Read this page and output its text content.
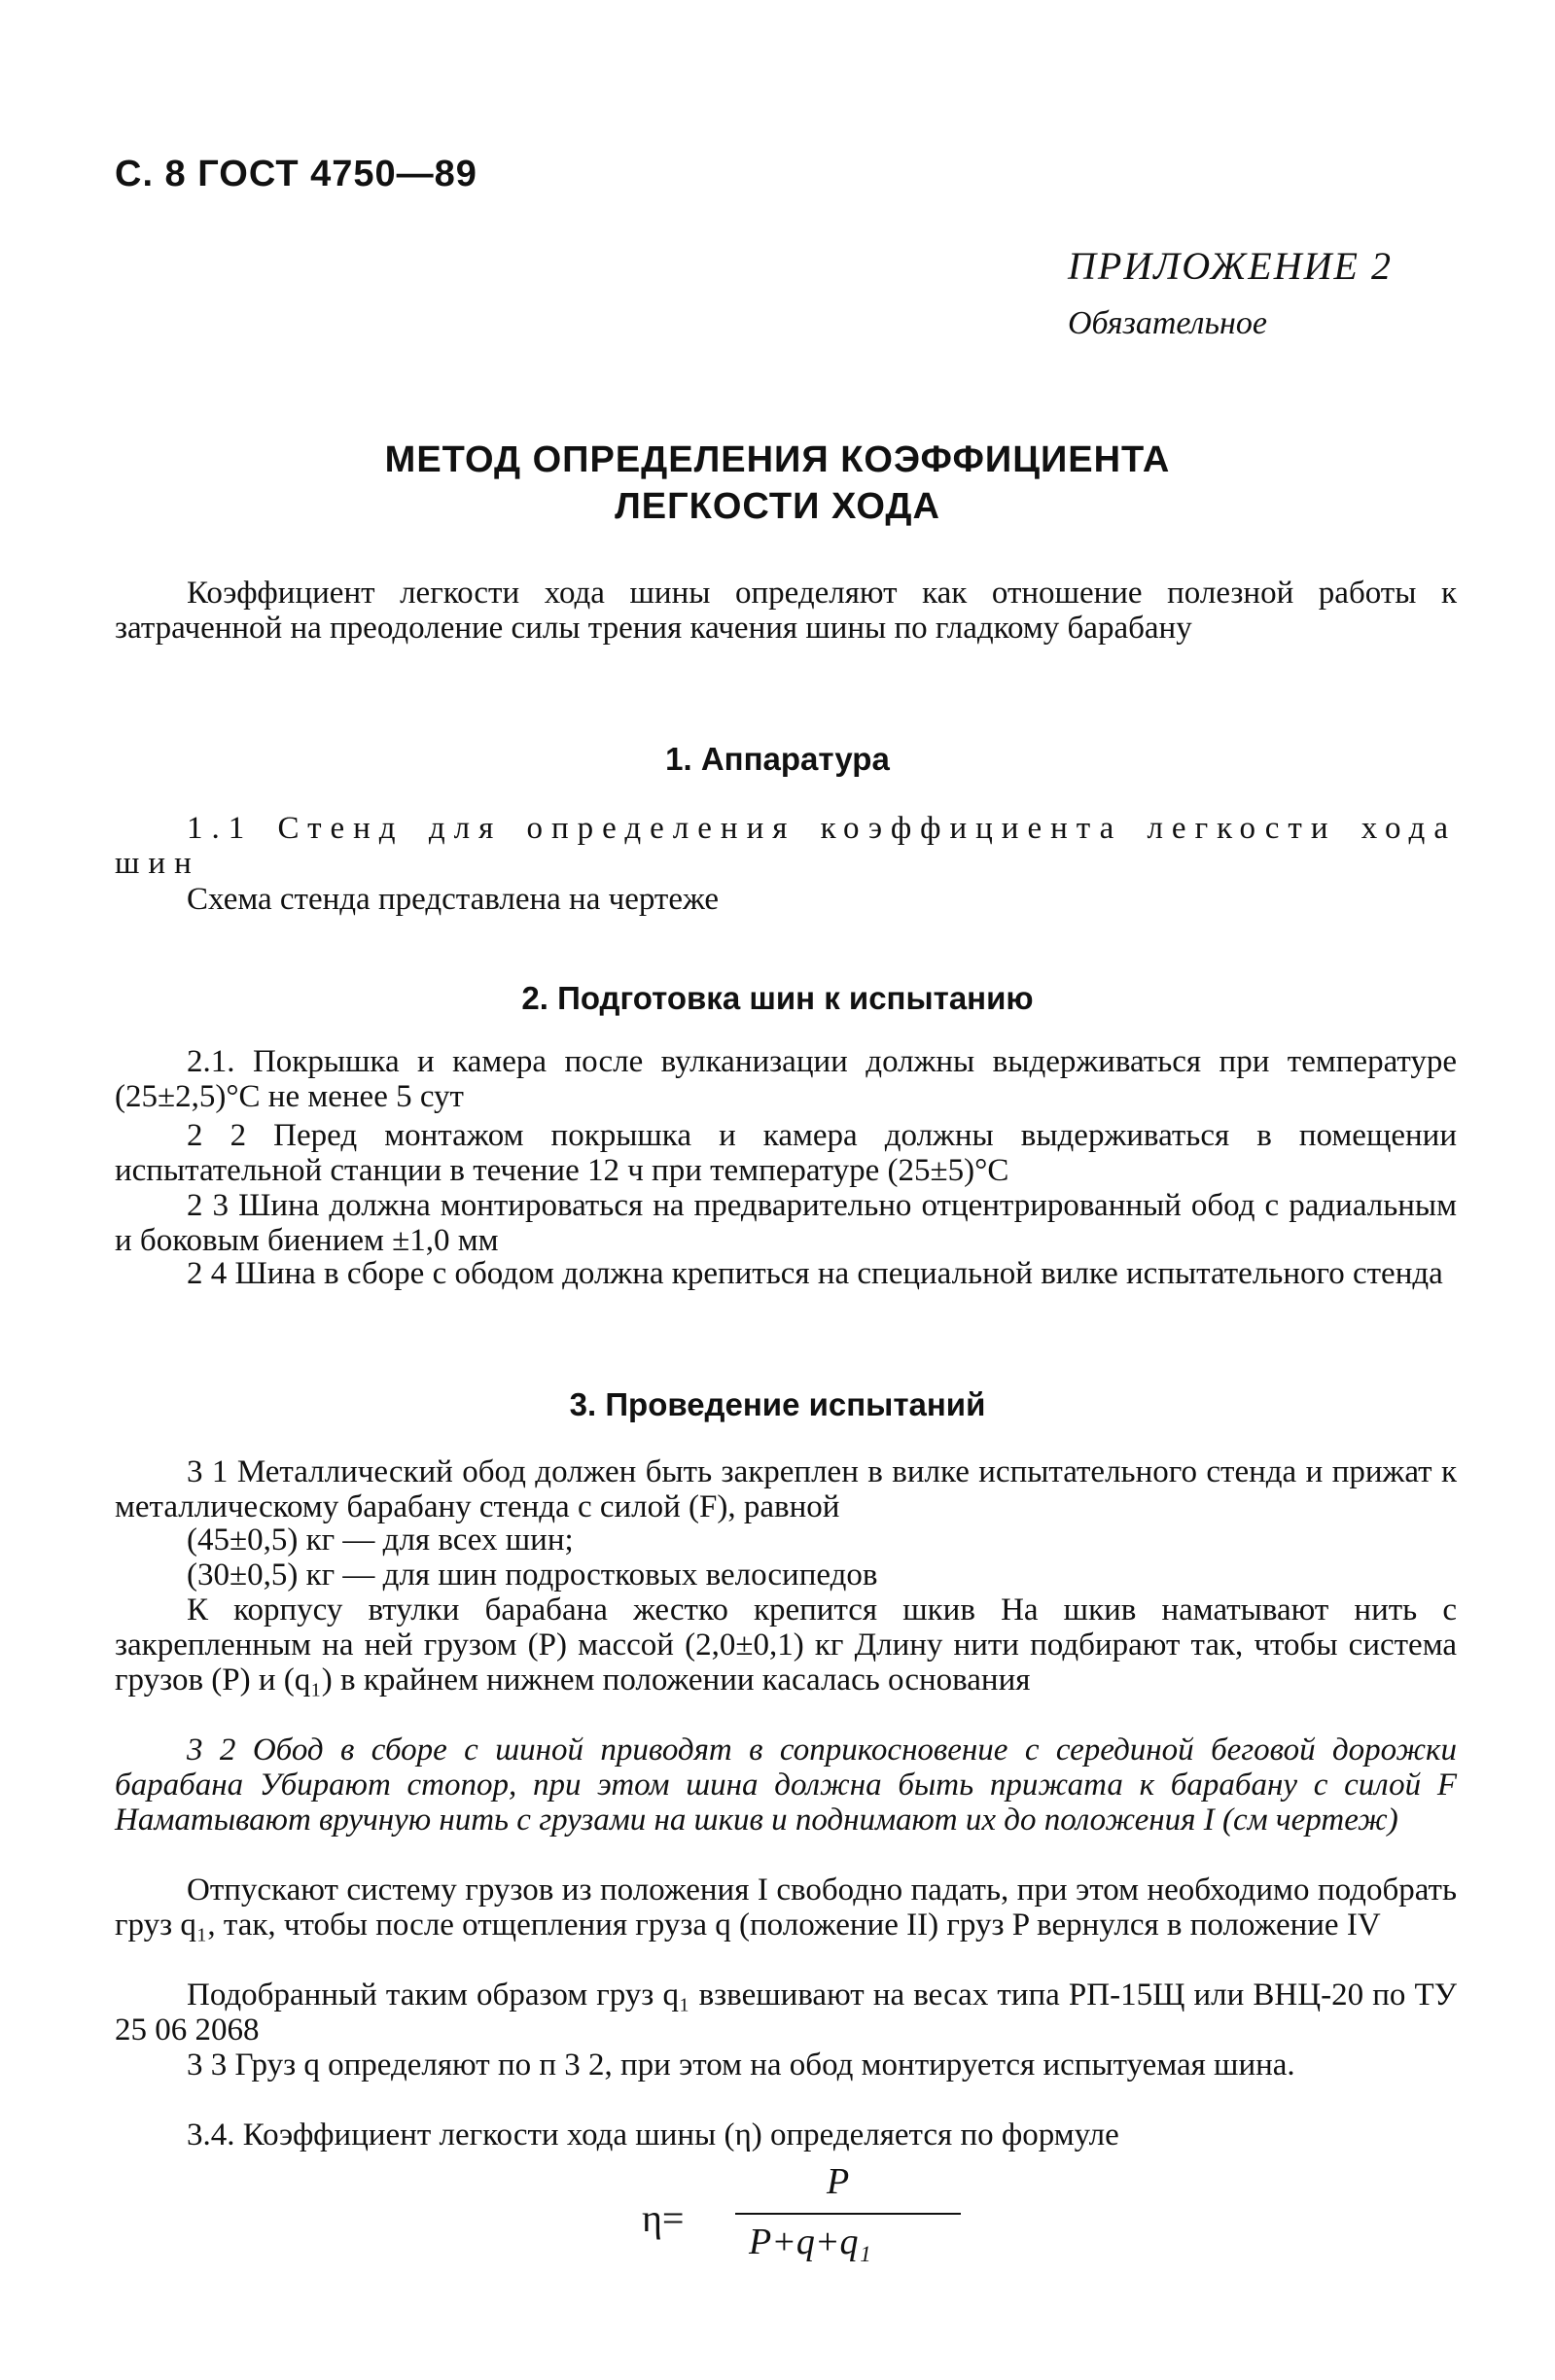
С. 8 ГОСТ 4750—89
ПРИЛОЖЕНИЕ 2
Обязательное
МЕТОД ОПРЕДЕЛЕНИЯ КОЭФФИЦИЕНТА
ЛЕГКОСТИ ХОДА
Коэффициент легкости хода шины определяют как отношение полезной работы к затраченной на преодоление силы трения качения шины по гладкому барабану
1. Аппаратура
1.1 Стенд для определения коэффициента легкости хода шин
Схема стенда представлена на чертеже
2. Подготовка шин к испытанию
2.1. Покрышка и камера после вулканизации должны выдерживаться при температуре (25±2,5)°С не менее 5 сут
2 2 Перед монтажом покрышка и камера должны выдерживаться в помещении испытательной станции в течение 12 ч при температуре (25±5)°С
2 3 Шина должна монтироваться на предварительно отцентрированный обод с радиальным и боковым биением ±1,0 мм
2 4 Шина в сборе с ободом должна крепиться на специальной вилке испытательного стенда
3. Проведение испытаний
3 1 Металлический обод должен быть закреплен в вилке испытательного стенда и прижат к металлическому барабану стенда с силой (F), равной
(45±0,5) кг — для всех шин;
(30±0,5) кг — для шин подростковых велосипедов
К корпусу втулки барабана жестко крепится шкив На шкив наматывают нить с закрепленным на ней грузом (P) массой (2,0±0,1) кг Длину нити подбирают так, чтобы система грузов (P) и (q₁) в крайнем нижнем положении касалась основания
3 2 Обод в сборе с шиной приводят в соприкосновение с серединой беговой дорожки барабана Убирают стопор, при этом шина должна быть прижата к барабану с силой F Наматывают вручную нить с грузами на шкив и поднимают их до положения I (см чертеж)
Отпускают систему грузов из положения I свободно падать, при этом необходимо подобрать груз q₁, так, чтобы после отщепления груза q (положение II) груз P вернулся в положение IV
Подобранный таким образом груз q₁ взвешивают на весах типа РП-15Щ или ВНЦ-20 по ТУ 25 06 2068
3 3 Груз q определяют по п 3 2, при этом на обод монтируется испытуемая шина.
3.4. Коэффициент легкости хода шины (η) определяется по формуле
η=
P
P+q+q₁
